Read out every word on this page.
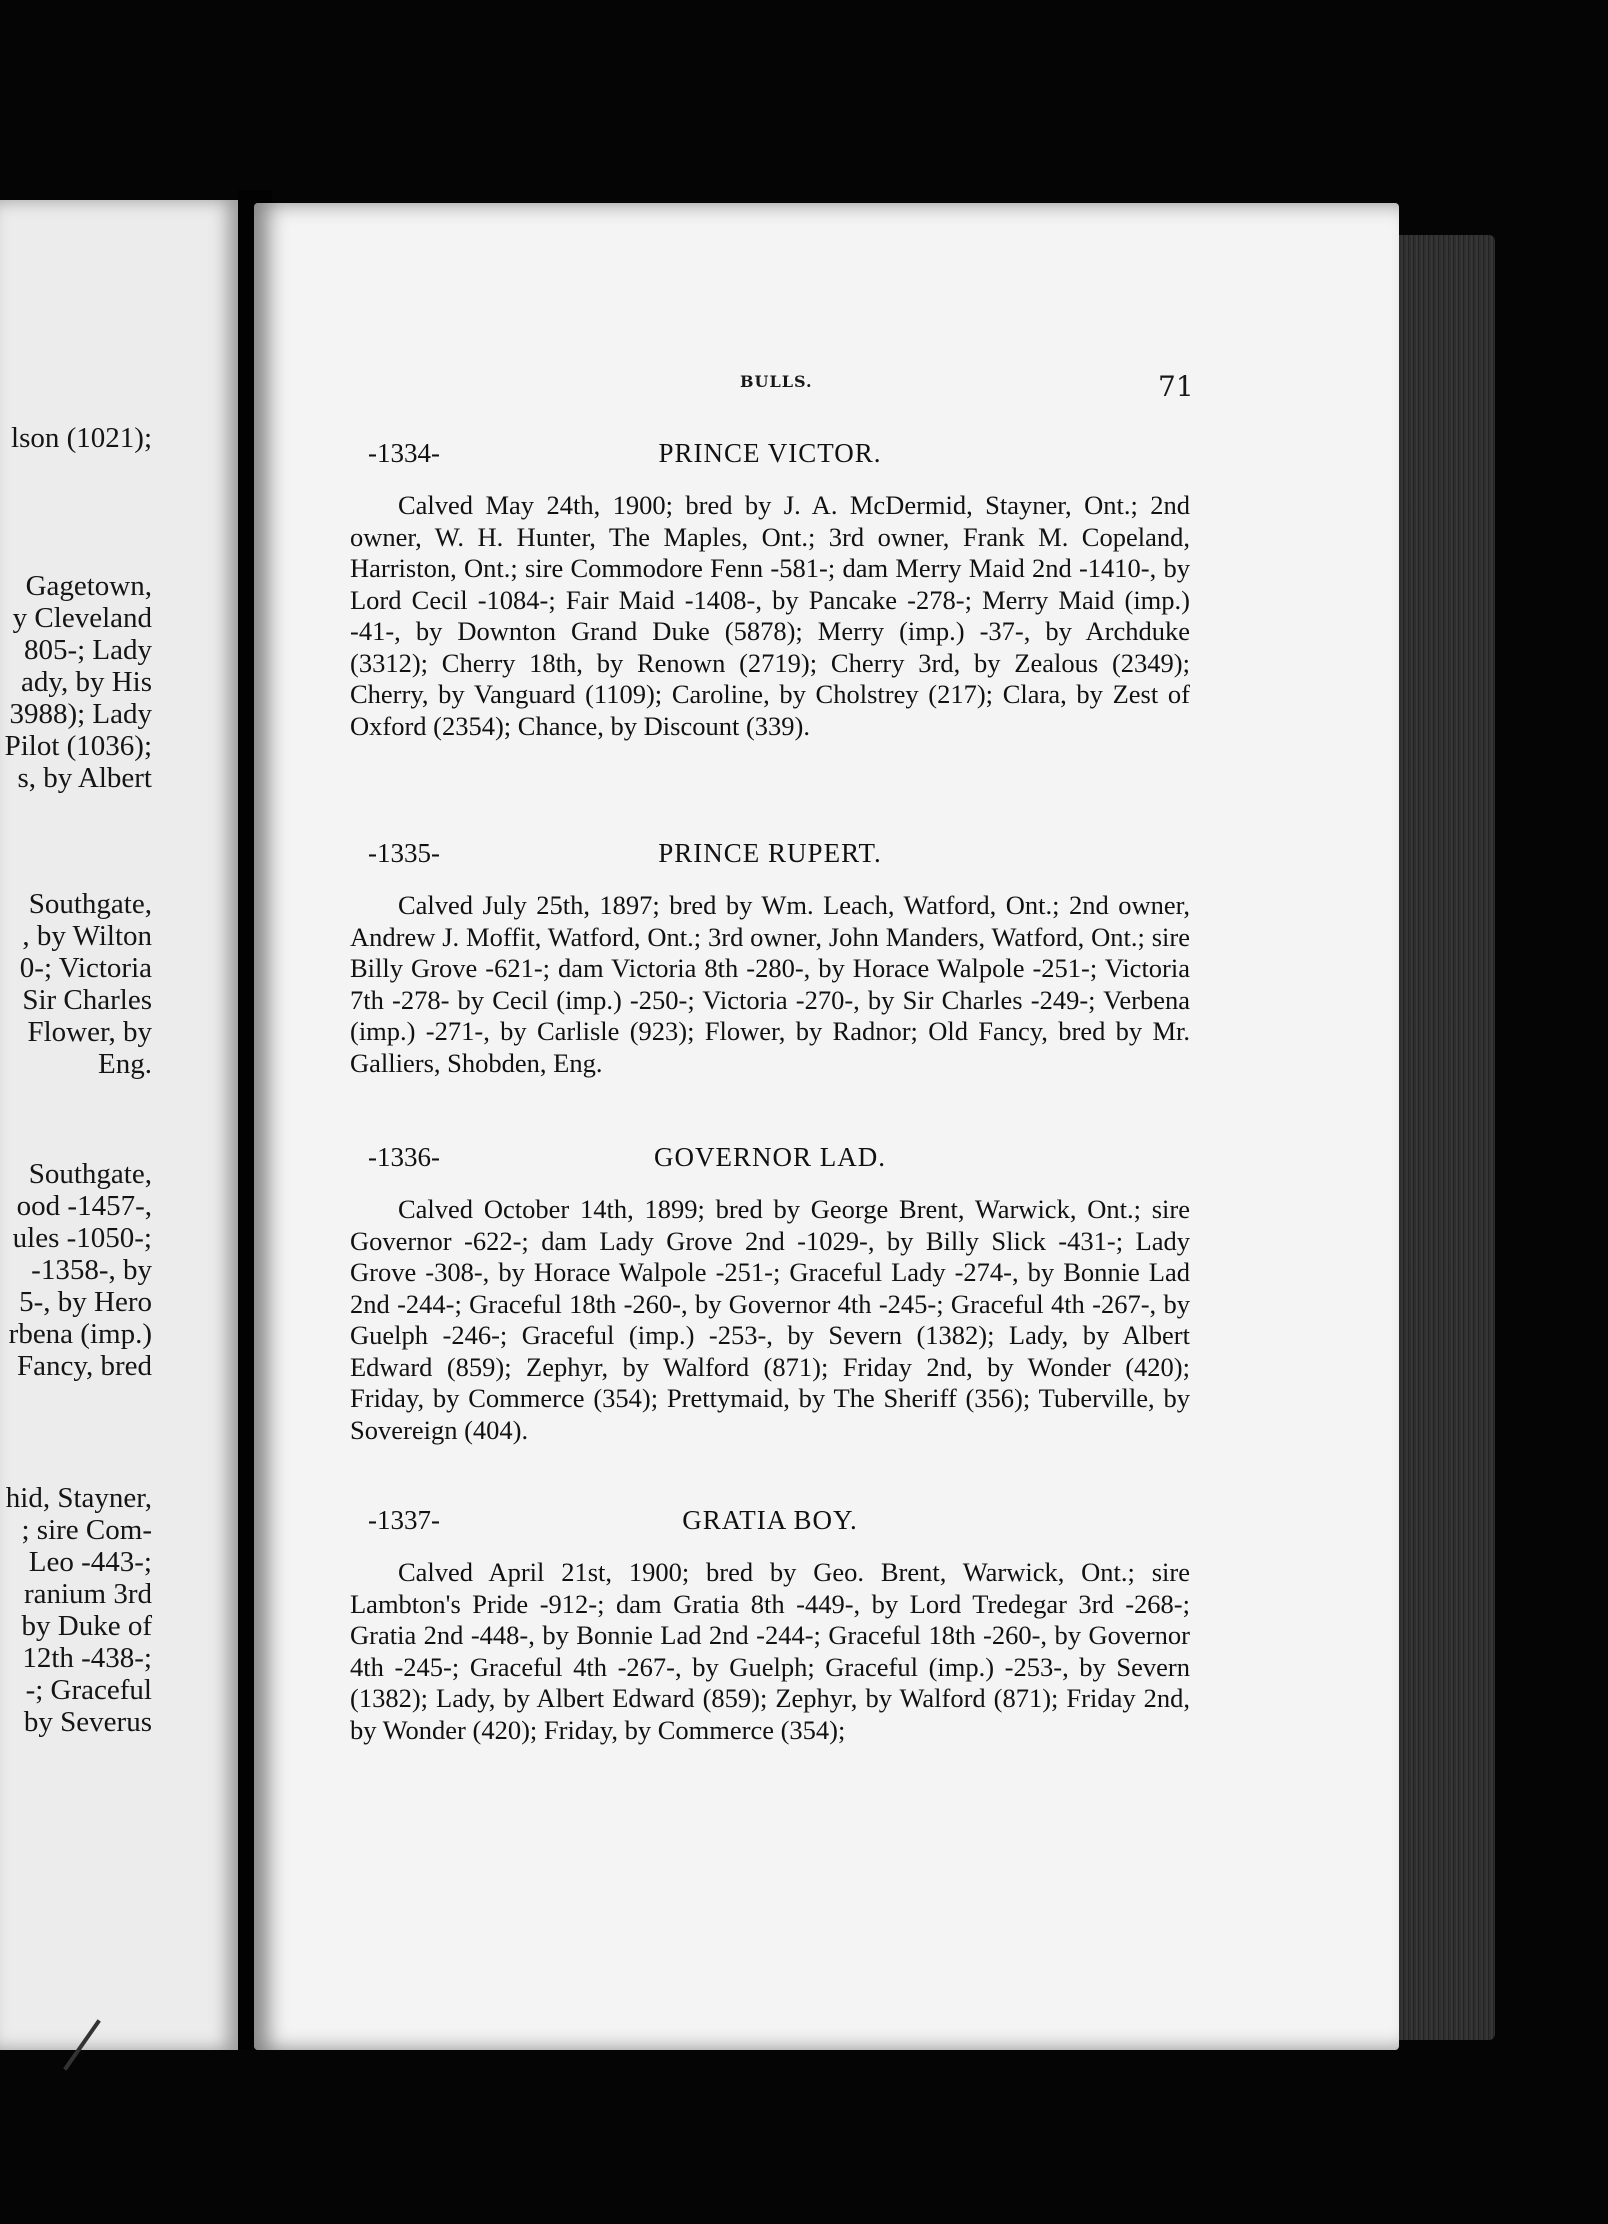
lson (1021);
Gagetown,
y Cleveland
805-; Lady
ady, by His
3988); Lady
Pilot (1036);
s, by Albert
Southgate,
, by Wilton
0-; Victoria
Sir Charles
Flower, by
Eng.
Southgate,
ood -1457-,
ules -1050-;
-1358-, by
5-, by Hero
rbena (imp.)
Fancy, bred
hid, Stayner,
; sire Com-
Leo -443-;
ranium 3rd
by Duke of
12th -438-;
-; Graceful
by Severus
BULLS.	71
-1334-	PRINCE VICTOR.
Calved May 24th, 1900; bred by J. A. McDermid, Stayner, Ont.; 2nd owner, W. H. Hunter, The Maples, Ont.; 3rd owner, Frank M. Copeland, Harriston, Ont.; sire Commodore Fenn -581-; dam Merry Maid 2nd -1410-, by Lord Cecil -1084-; Fair Maid -1408-, by Pancake -278-; Merry Maid (imp.) -41-, by Downton Grand Duke (5878); Merry (imp.) -37-, by Archduke (3312); Cherry 18th, by Renown (2719); Cherry 3rd, by Zealous (2349); Cherry, by Vanguard (1109); Caroline, by Cholstrey (217); Clara, by Zest of Oxford (2354); Chance, by Discount (339).
-1335-	PRINCE RUPERT.
Calved July 25th, 1897; bred by Wm. Leach, Watford, Ont.; 2nd owner, Andrew J. Moffit, Watford, Ont.; 3rd owner, John Manders, Watford, Ont.; sire Billy Grove -621-; dam Victoria 8th -280-, by Horace Walpole -251-; Victoria 7th -278- by Cecil (imp.) -250-; Victoria -270-, by Sir Charles -249-; Verbena (imp.) -271-, by Carlisle (923); Flower, by Radnor; Old Fancy, bred by Mr. Galliers, Shobden, Eng.
-1336-	GOVERNOR LAD.
Calved October 14th, 1899; bred by George Brent, Warwick, Ont.; sire Governor -622-; dam Lady Grove 2nd -1029-, by Billy Slick -431-; Lady Grove -308-, by Horace Walpole -251-; Graceful Lady -274-, by Bonnie Lad 2nd -244-; Graceful 18th -260-, by Governor 4th -245-; Graceful 4th -267-, by Guelph -246-; Graceful (imp.) -253-, by Severn (1382); Lady, by Albert Edward (859); Zephyr, by Walford (871); Friday 2nd, by Wonder (420); Friday, by Commerce (354); Prettymaid, by The Sheriff (356); Tuberville, by Sovereign (404).
-1337-	GRATIA BOY.
Calved April 21st, 1900; bred by Geo. Brent, Warwick, Ont.; sire Lambton's Pride -912-; dam Gratia 8th -449-, by Lord Tredegar 3rd -268-; Gratia 2nd -448-, by Bonnie Lad 2nd -244-; Graceful 18th -260-, by Governor 4th -245-; Graceful 4th -267-, by Guelph; Graceful (imp.) -253-, by Severn (1382); Lady, by Albert Edward (859); Zephyr, by Walford (871); Friday 2nd, by Wonder (420); Friday, by Commerce (354);
